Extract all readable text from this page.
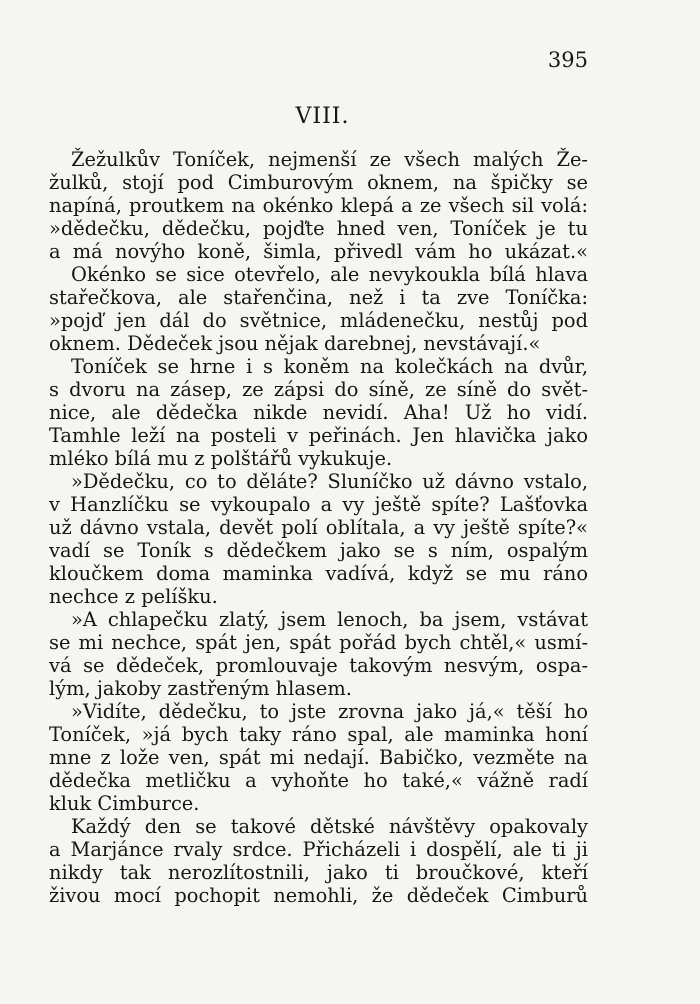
395
VIII.
Žežulkův Toníček, nejmenší ze všech malých Že-
žulků, stojí pod Cimburovým oknem, na špičky se
napíná, proutkem na okénko klepá a ze všech sil volá:
»dědečku, dědečku, pojďte hned ven, Toníček je tu
a má novýho koně, šimla, přivedl vám ho ukázat.«
Okénko se sice otevřelo, ale nevykoukla bílá hlava
stařečkova, ale stařenčina, než i ta zve Toníčka:
»pojď jen dál do světnice, mládenečku, nestůj pod
oknem. Dědeček jsou nějak darebnej, nevstávají.«
Toníček se hrne i s koněm na kolečkách na dvůr,
s dvoru na zásep, ze zápsi do síně, ze síně do svět-
nice, ale dědečka nikde nevidí. Aha! Už ho vidí.
Tamhle leží na posteli v peřinách. Jen hlavička jako
mléko bílá mu z polštářů vykukuje.
»Dědečku, co to děláte? Sluníčko už dávno vstalo,
v Hanzlíčku se vykoupalo a vy ještě spíte? Lašťovka
už dávno vstala, devět polí oblítala, a vy ještě spíte?«
vadí se Toník s dědečkem jako se s ním, ospalým
kloučkem doma maminka vadívá, když se mu ráno
nechce z pelíšku.
»A chlapečku zlatý, jsem lenoch, ba jsem, vstávat
se mi nechce, spát jen, spát pořád bych chtěl,« usmí-
vá se dědeček, promlouvaje takovým nesvým, ospa-
lým, jakoby zastřeným hlasem.
»Vidíte, dědečku, to jste zrovna jako já,« těší ho
Toníček, »já bych taky ráno spal, ale maminka honí
mne z lože ven, spát mi nedají. Babičko, vezměte na
dědečka metličku a vyhoňte ho také,« vážně radí
kluk Cimburce.
Každý den se takové dětské návštěvy opakovaly
a Marjánce rvaly srdce. Přicházeli i dospělí, ale ti ji
nikdy tak nerozlítostnili, jako ti broučkové, kteří
živou mocí pochopit nemohli, že dědeček Cimburů
